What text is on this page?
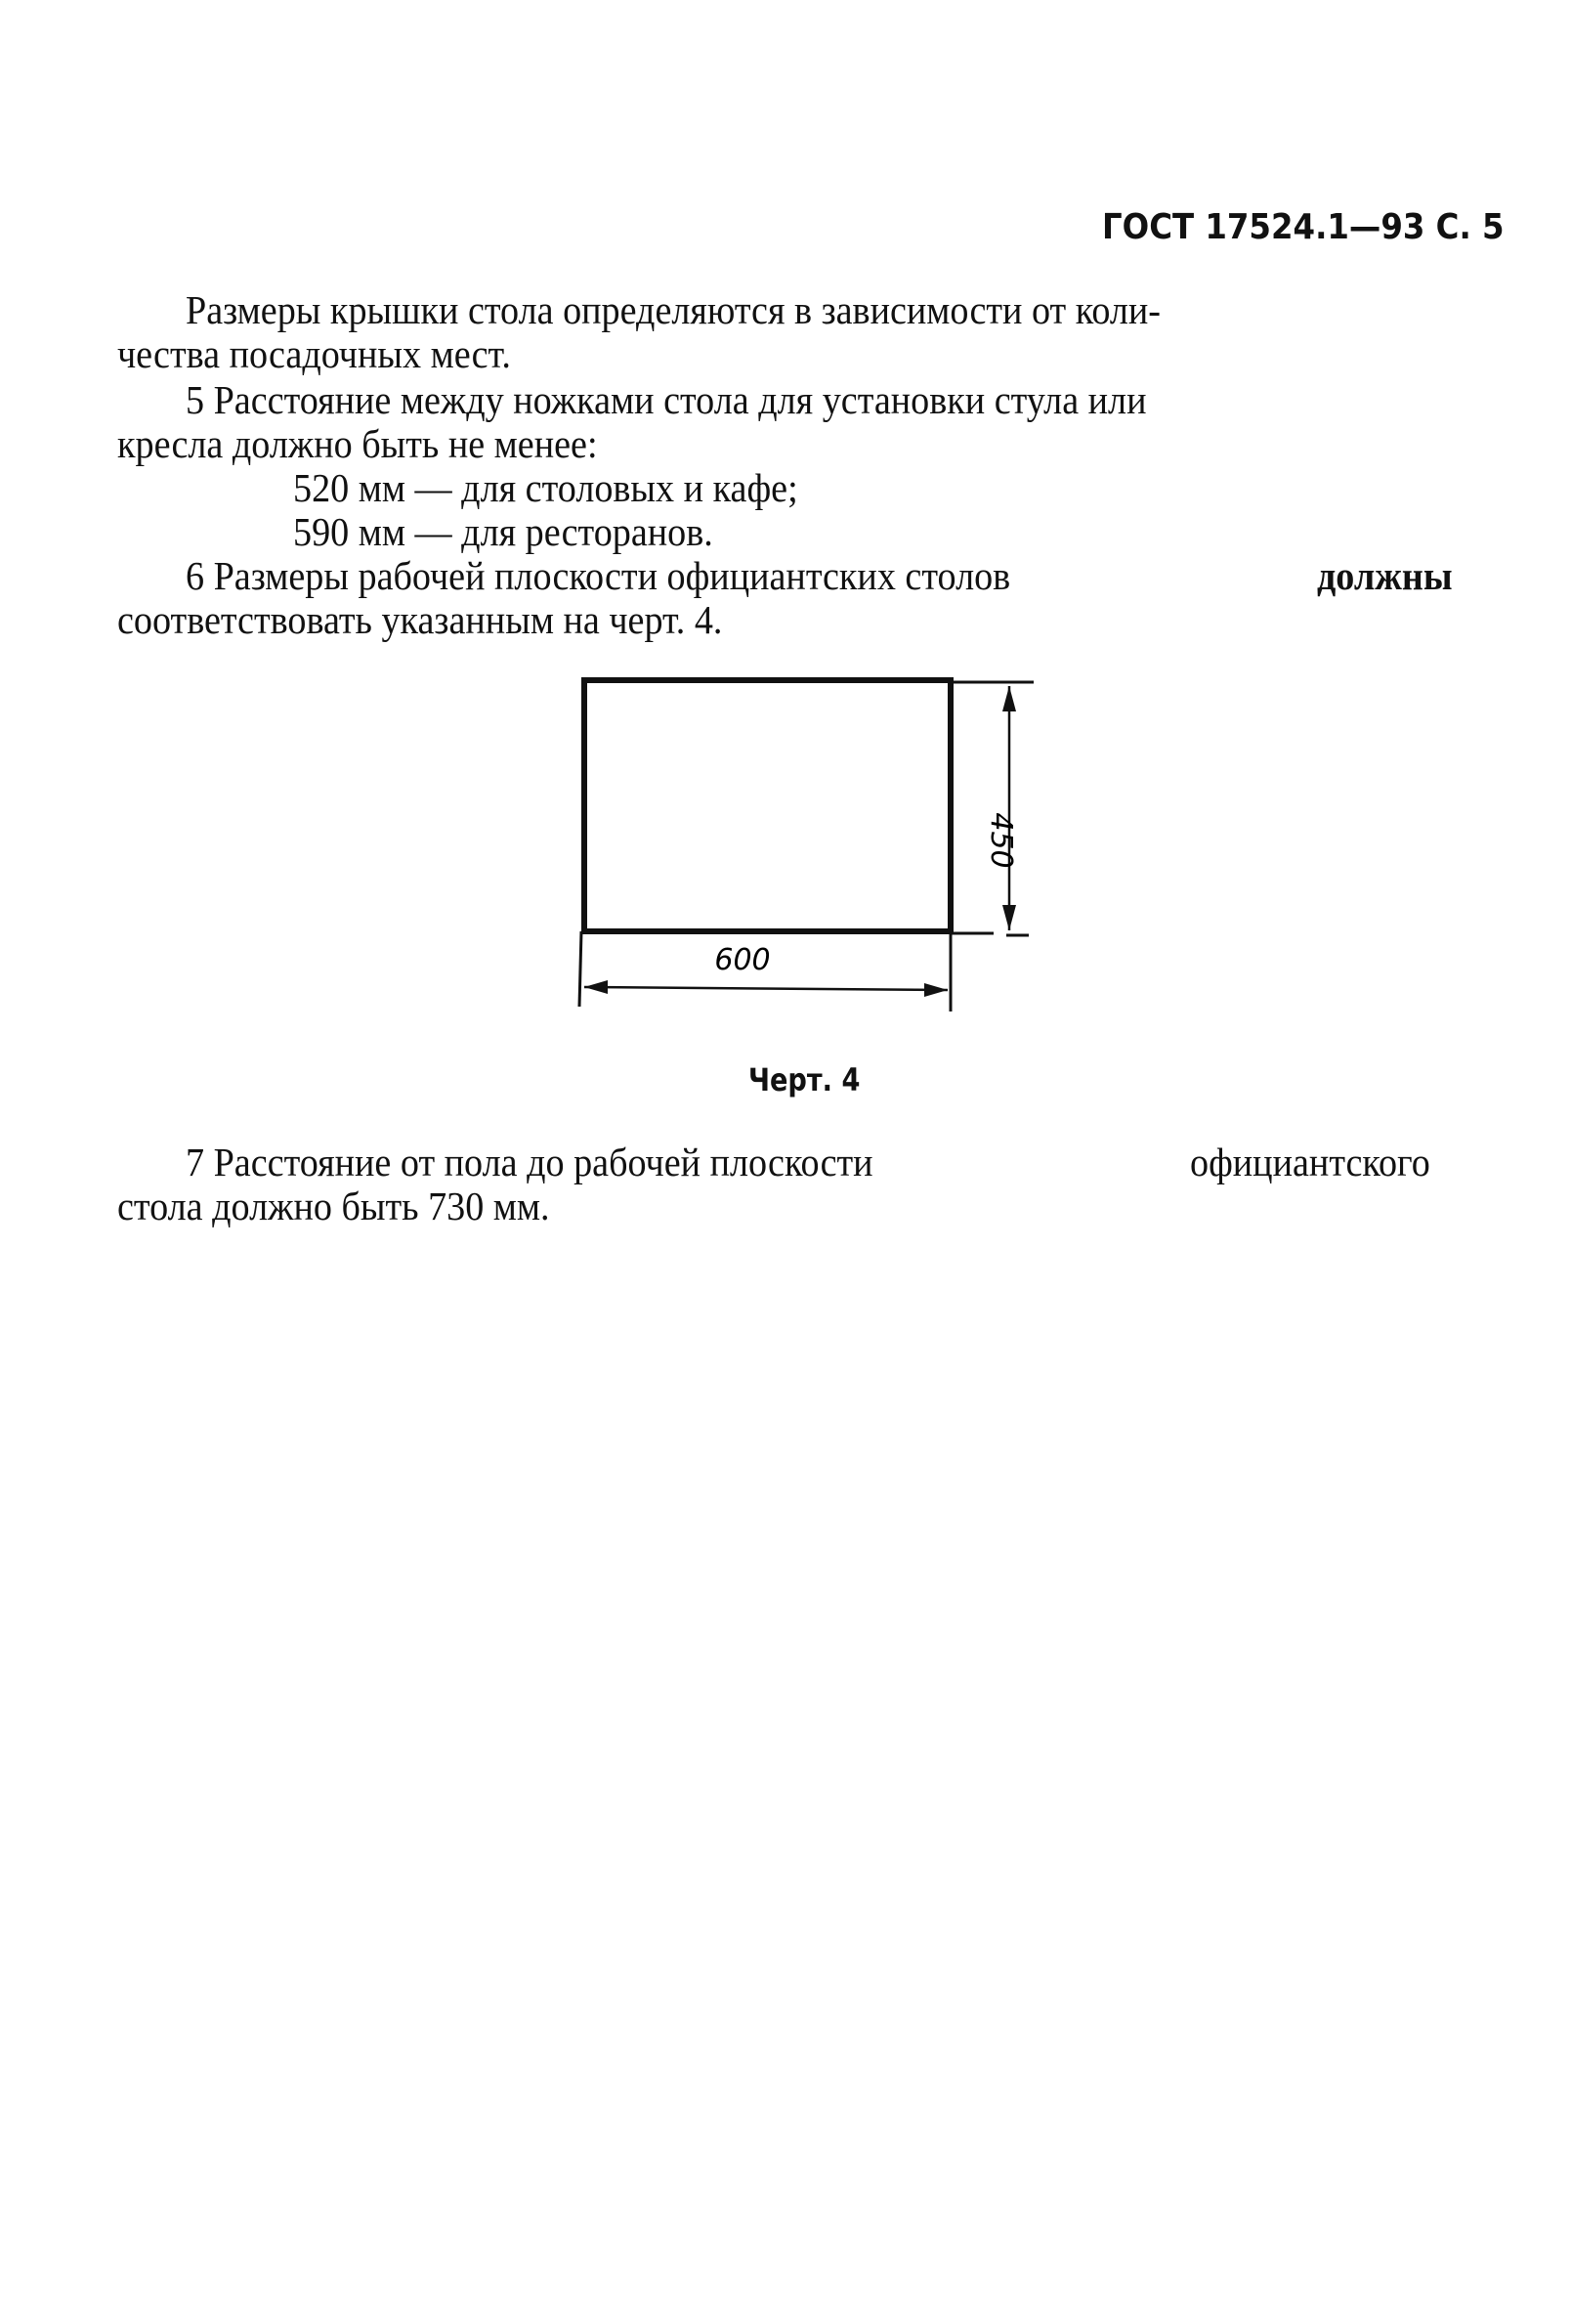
ГОСТ 17524.1—93 С. 5
Размеры крышки стола определяются в зависимости от коли-
чества посадочных мест.
5 Расстояние между ножками стола для установки стула или
кресла должно быть не менее:
520 мм — для столовых и кафе;
590 мм — для ресторанов.
6 Размеры рабочей плоскости официантских столов	должны
соответствовать указанным на черт. 4.
600
450
Черт. 4
7 Расстояние от пола до рабочей плоскости	официантского
стола должно быть 730 мм.
